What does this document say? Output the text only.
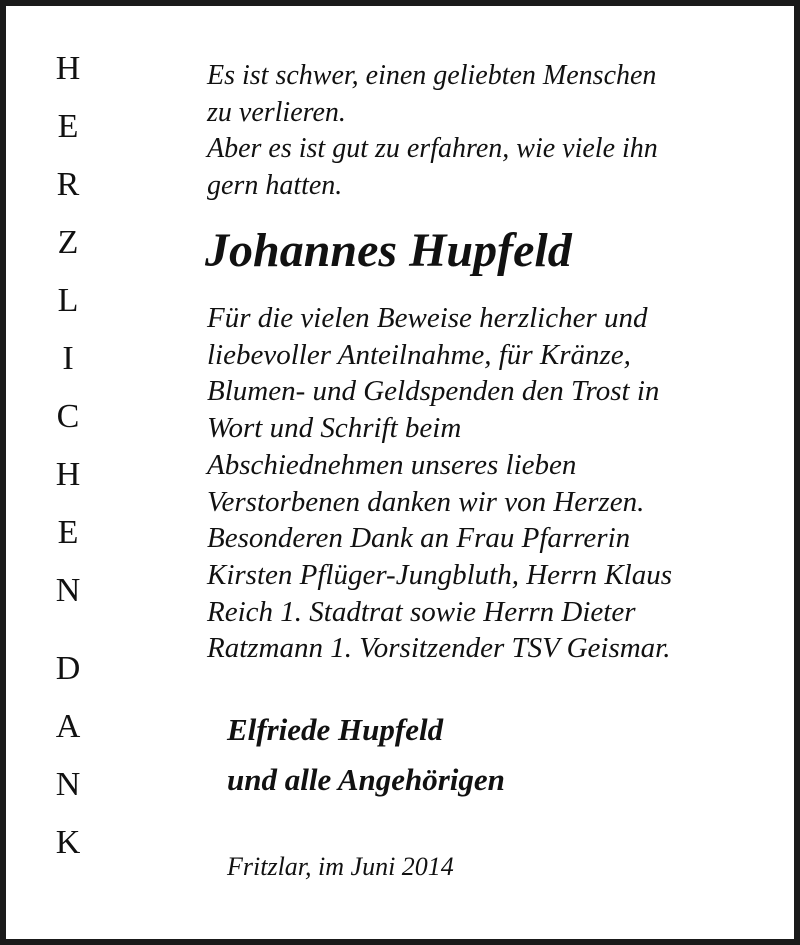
H
E
R
Z
L
I
C
H
E
N
D
A
N
K

Es ist schwer, einen geliebten Menschen
zu verlieren.
Aber es ist gut zu erfahren, wie viele ihn
gern hatten.

Johannes Hupfeld

Für die vielen Beweise herzlicher und
liebevoller Anteilnahme, für Kränze,
Blumen- und Geldspenden den Trost in
Wort und Schrift beim
Abschiednehmen unseres lieben
Verstorbenen danken wir von Herzen.
Besonderen Dank an Frau Pfarrerin
Kirsten Pflüger-Jungbluth, Herrn Klaus
Reich 1. Stadtrat sowie Herrn Dieter
Ratzmann 1. Vorsitzender TSV Geismar.

Elfriede Hupfeld
und alle Angehörigen

Fritzlar, im Juni 2014
